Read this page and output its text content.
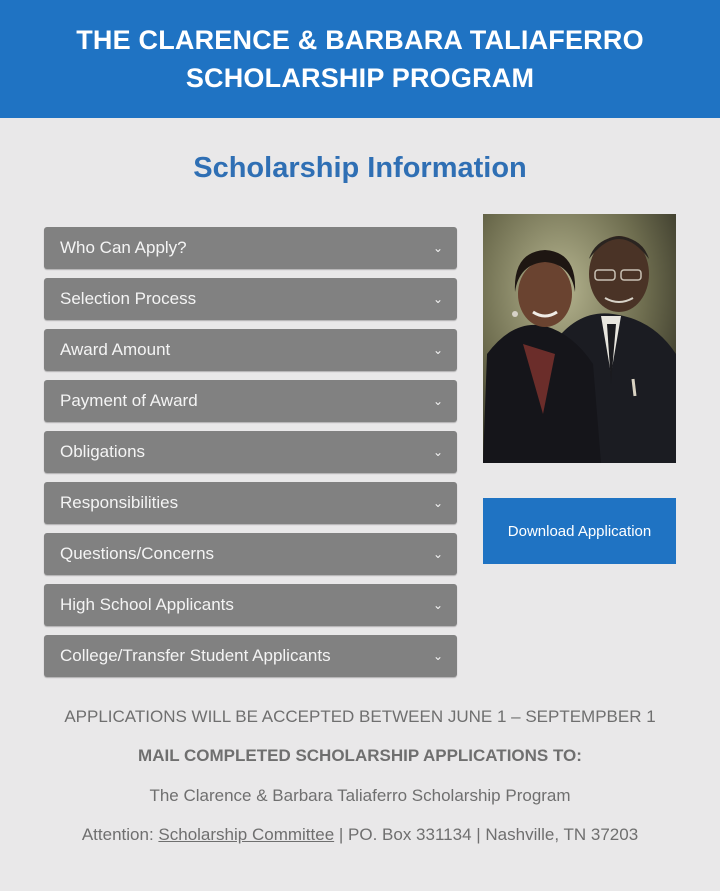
THE CLARENCE & BARBARA TALIAFERRO
SCHOLARSHIP PROGRAM
Scholarship Information
Who Can Apply?	⌄
Selection Process	⌄
Award Amount	⌄
Payment of Award	⌄
Obligations	⌄
Responsibilities	⌄
Questions/Concerns	⌄
High School Applicants	⌄
College/Transfer Student Applicants	⌄
Download Application
APPLICATIONS WILL BE ACCEPTED BETWEEN JUNE 1 – SEPTEMPBER 1
MAIL COMPLETED SCHOLARSHIP APPLICATIONS TO:
The Clarence & Barbara Taliaferro Scholarship Program
Attention: Scholarship Committee | PO. Box 331134 | Nashville, TN 37203
